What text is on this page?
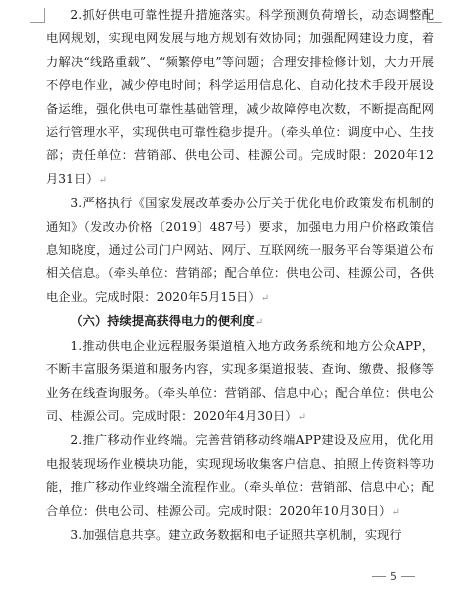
2.抓好供电可靠性提升措施落实。科学预测负荷增长，动态调整配电网规划，实现电网发展与地方规划有效协同；加强配网建设力度，着力解决“线路重载”、“频繁停电”等问题；合理安排检修计划，大力开展不停电作业，减少停电时间；科学运用信息化、自动化技术手段开展设备运维，强化供电可靠性基础管理，减少故障停电次数，不断提高配网运行管理水平，实现供电可靠性稳步提升。（牵头单位：调度中心、生技部；责任单位：营销部、供电公司、桂源公司。完成时限：2020年12月31日）↵

3.严格执行《国家发展改革委办公厅关于优化电价政策发布机制的通知》（发改办价格〔2019〕487号）要求，加强电力用户价格政策信息知晓度，通过公司门户网站、网厅、互联网统一服务平台等渠道公布相关信息。（牵头单位：营销部；配合单位：供电公司、桂源公司，各供电企业。完成时限：2020年5月15日）↵

（六）持续提高获得电力的便利度↵

1.推动供电企业远程服务渠道植入地方政务系统和地方公众APP，不断丰富服务渠道和服务内容，实现多渠道报装、查询、缴费、报修等业务在线查询服务。（牵头单位：营销部、信息中心；配合单位：供电公司、桂源公司。完成时限：2020年4月30日）↵

2.推广移动作业终端。完善营销移动终端APP建设及应用，优化用电报装现场作业模块功能，实现现场收集客户信息、拍照上传资料等功能，推广移动作业终端全流程作业。（牵头单位：营销部、信息中心；配合单位：供电公司、桂源公司。完成时限：2020年10月30日）↵

3.加强信息共享。建立政务数据和电子证照共享机制，实现行

5
